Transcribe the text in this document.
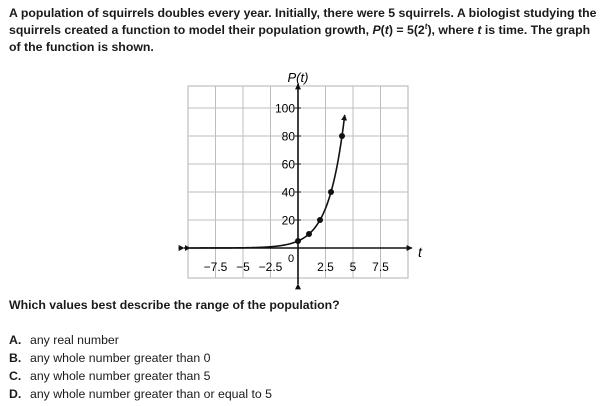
A population of squirrels doubles every year. Initially, there were 5 squirrels. A biologist studying the squirrels created a function to model their population growth, $P(t) = 5(2^t)$, where t is time. The graph of the function is shown.
100
80
60
40
20
−7.5 −5 −2.5	2.5 5 7.5
0
P(t)
t
Which values best describe the range of the population?
A. any real number
B. any whole number greater than 0
C. any whole number greater than 5
D. any whole number greater than or equal to 5
